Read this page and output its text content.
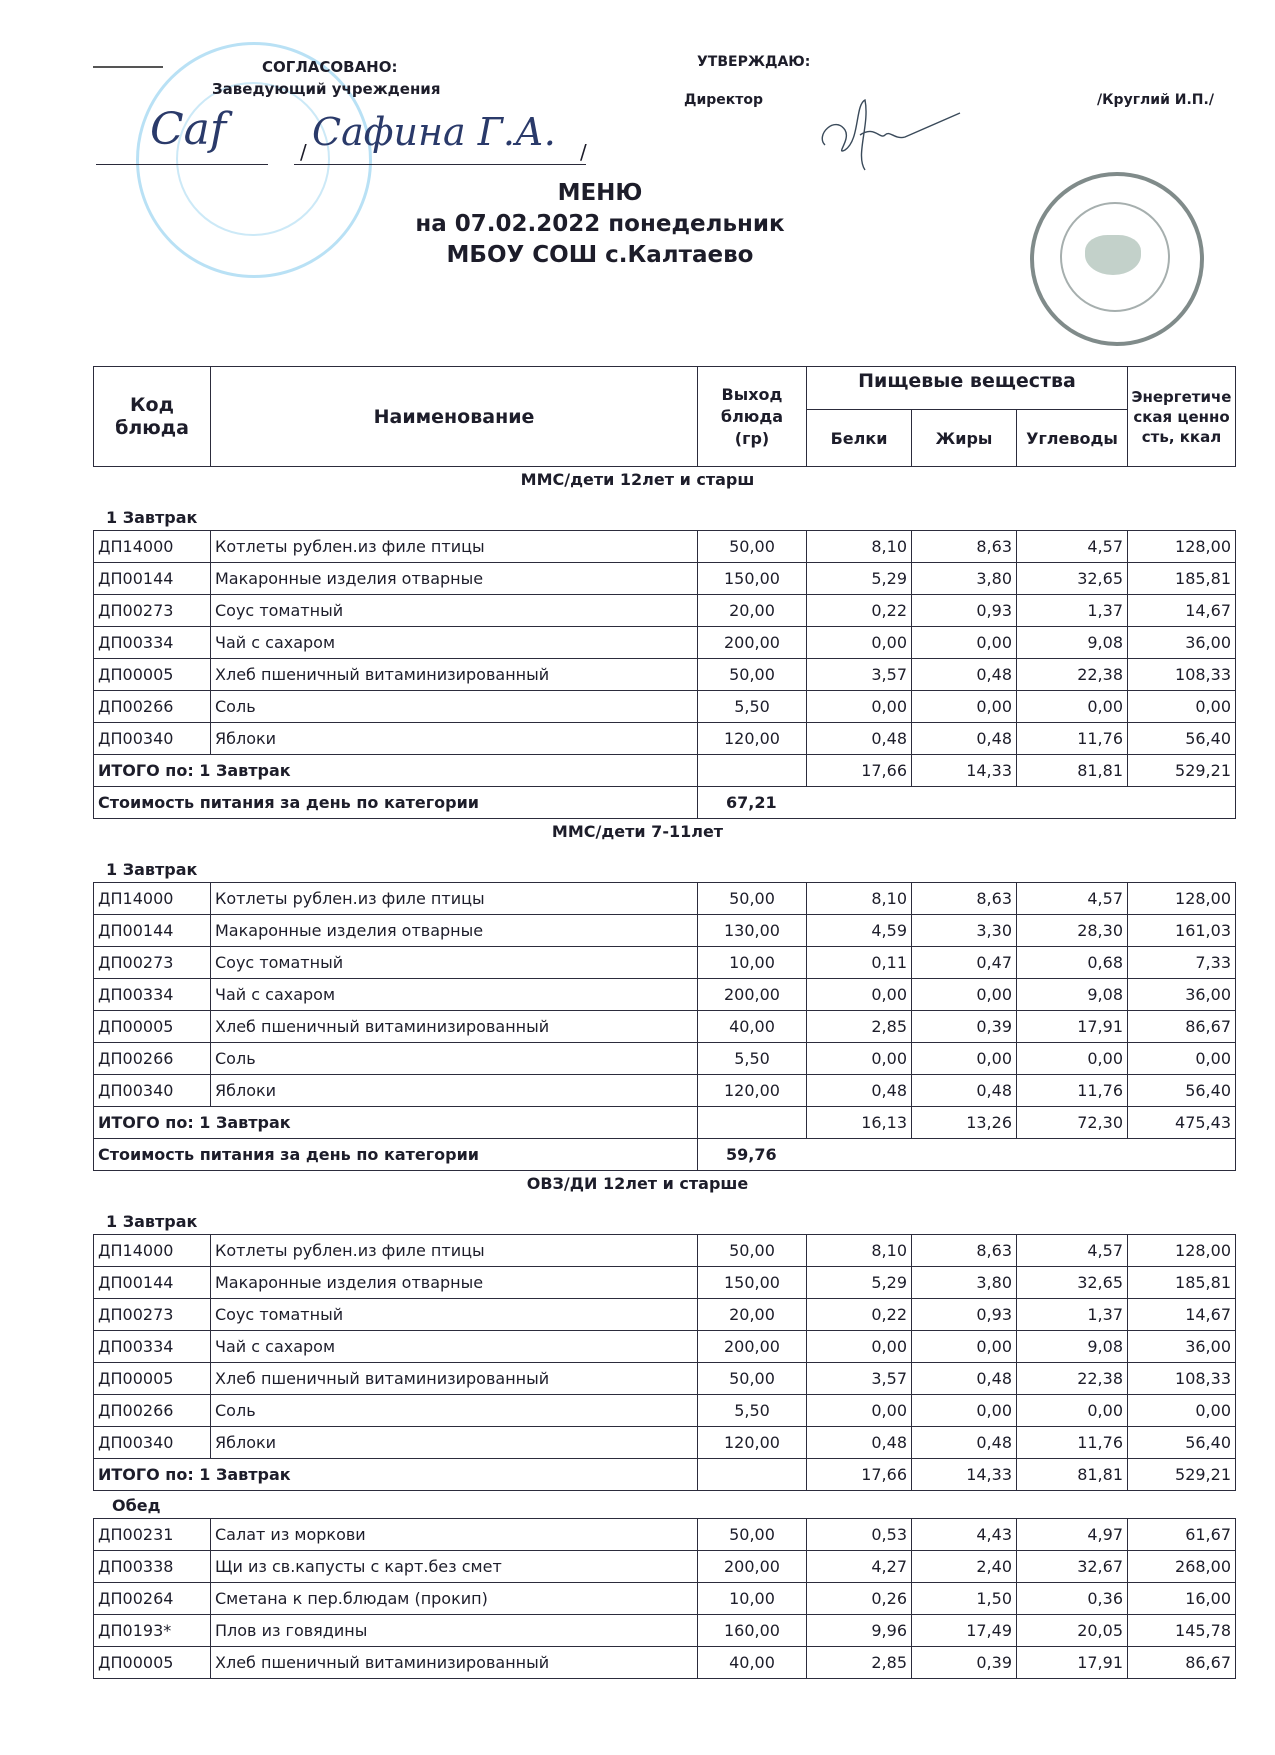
СОГЛАСОВАНО:
Заведующий учреждения
Caf	/ Сафина Г.А. /
УТВЕРЖДАЮ:
Директор	/Круглий И.П./
МЕНЮ
на 07.02.2022 понедельник
МБОУ СОШ с.Калтаево
Код блюда	Наименование	Выход блюда (гр)	Пищевые вещества			Энергетическая ценность, ккал
			Белки	Жиры	Углеводы	
ММС/дети 12лет и старш
1 Завтрак
ДП14000	Котлеты рублен.из филе птицы	50,00	8,10	8,63	4,57	128,00
ДП00144	Макаронные изделия отварные	150,00	5,29	3,80	32,65	185,81
ДП00273	Соус томатный	20,00	0,22	0,93	1,37	14,67
ДП00334	Чай с сахаром	200,00	0,00	0,00	9,08	36,00
ДП00005	Хлеб пшеничный витаминизированный	50,00	3,57	0,48	22,38	108,33
ДП00266	Соль	5,50	0,00	0,00	0,00	0,00
ДП00340	Яблоки	120,00	0,48	0,48	11,76	56,40
ИТОГО по: 1 Завтрак			17,66	14,33	81,81	529,21
Стоимость питания за день по категории		67,21				
ММС/дети 7-11лет
1 Завтрак
ДП14000	Котлеты рублен.из филе птицы	50,00	8,10	8,63	4,57	128,00
ДП00144	Макаронные изделия отварные	130,00	4,59	3,30	28,30	161,03
ДП00273	Соус томатный	10,00	0,11	0,47	0,68	7,33
ДП00334	Чай с сахаром	200,00	0,00	0,00	9,08	36,00
ДП00005	Хлеб пшеничный витаминизированный	40,00	2,85	0,39	17,91	86,67
ДП00266	Соль	5,50	0,00	0,00	0,00	0,00
ДП00340	Яблоки	120,00	0,48	0,48	11,76	56,40
ИТОГО по: 1 Завтрак			16,13	13,26	72,30	475,43
Стоимость питания за день по категории		59,76				
ОВЗ/ДИ 12лет и старше
1 Завтрак
ДП14000	Котлеты рублен.из филе птицы	50,00	8,10	8,63	4,57	128,00
ДП00144	Макаронные изделия отварные	150,00	5,29	3,80	32,65	185,81
ДП00273	Соус томатный	20,00	0,22	0,93	1,37	14,67
ДП00334	Чай с сахаром	200,00	0,00	0,00	9,08	36,00
ДП00005	Хлеб пшеничный витаминизированный	50,00	3,57	0,48	22,38	108,33
ДП00266	Соль	5,50	0,00	0,00	0,00	0,00
ДП00340	Яблоки	120,00	0,48	0,48	11,76	56,40
ИТОГО по: 1 Завтрак			17,66	14,33	81,81	529,21
Обед
ДП00231	Салат из моркови	50,00	0,53	4,43	4,97	61,67
ДП00338	Щи из св.капусты с карт.без смет	200,00	4,27	2,40	32,67	268,00
ДП00264	Сметана к пер.блюдам (прокип)	10,00	0,26	1,50	0,36	16,00
ДП0193*	Плов из говядины	160,00	9,96	17,49	20,05	145,78
ДП00005	Хлеб пшеничный витаминизированный	40,00	2,85	0,39	17,91	86,67
